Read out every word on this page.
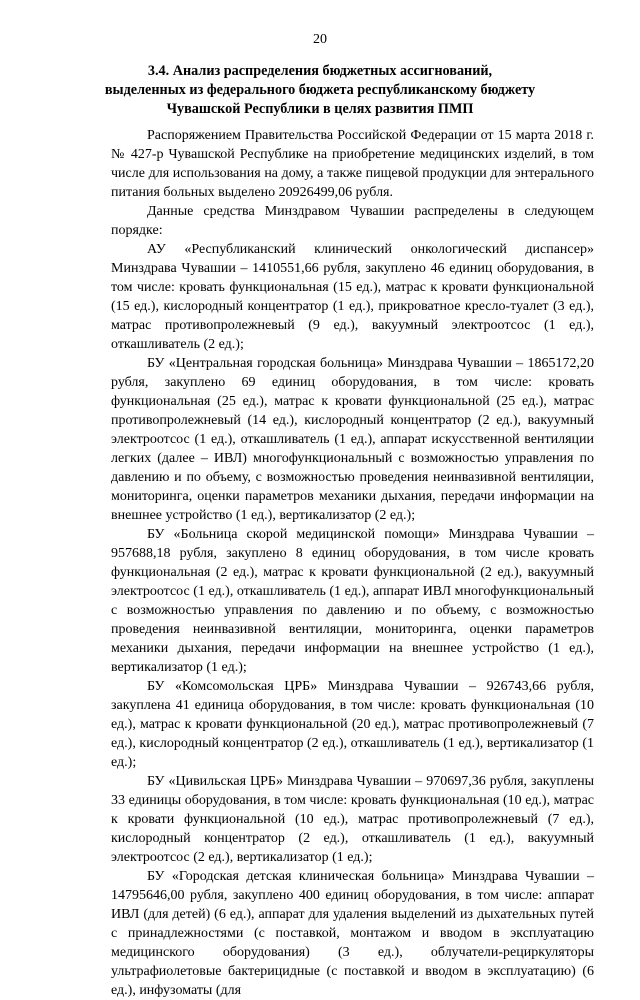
20
3.4. Анализ распределения бюджетных ассигнований,
выделенных из федерального бюджета республиканскому бюджету
Чувашской Республики в целях развития ПМП

Распоряжением Правительства Российской Федерации от 15 марта 2018 г. № 427-р Чувашской Республике на приобретение медицинских изделий, в том числе для использования на дому, а также пищевой продукции для энтерального питания больных выделено 20926499,06 рубля.

Данные средства Минздравом Чувашии распределены в следующем порядке:

АУ «Республиканский клинический онкологический диспансер» Минздрава Чувашии – 1410551,66 рубля, закуплено 46 единиц оборудования, в том числе: кровать функциональная (15 ед.), матрас к кровати функциональной (15 ед.), кислородный концентратор (1 ед.), прикроватное кресло-туалет (3 ед.), матрас противопролежневый (9 ед.), вакуумный электроотсос (1 ед.), откашливатель (2 ед.);

БУ «Центральная городская больница» Минздрава Чувашии – 1865172,20 рубля, закуплено 69 единиц оборудования, в том числе: кровать функциональная (25 ед.), матрас к кровати функциональной (25 ед.), матрас противопролежневый (14 ед.), кислородный концентратор (2 ед.), вакуумный электроотсос (1 ед.), откашливатель (1 ед.), аппарат искусственной вентиляции легких (далее – ИВЛ) многофункциональный с возможностью управления по давлению и по объему, с возможностью проведения неинвазивной вентиляции, мониторинга, оценки параметров механики дыхания, передачи информации на внешнее устройство (1 ед.), вертикализатор (2 ед.);

БУ «Больница скорой медицинской помощи» Минздрава Чувашии – 957688,18 рубля, закуплено 8 единиц оборудования, в том числе кровать функциональная (2 ед.), матрас к кровати функциональной (2 ед.), вакуумный электроотсос (1 ед.), откашливатель (1 ед.), аппарат ИВЛ многофункциональный с возможностью управления по давлению и по объему, с возможностью проведения неинвазивной вентиляции, мониторинга, оценки параметров механики дыхания, передачи информации на внешнее устройство (1 ед.), вертикализатор (1 ед.);

БУ «Комсомольская ЦРБ» Минздрава Чувашии – 926743,66 рубля, закуплена 41 единица оборудования, в том числе: кровать функциональная (10 ед.), матрас к кровати функциональной (20 ед.), матрас противопролежневый (7 ед.), кислородный концентратор (2 ед.), откашливатель (1 ед.), вертикализатор (1 ед.);

БУ «Цивильская ЦРБ» Минздрава Чувашии – 970697,36 рубля, закуплены 33 единицы оборудования, в том числе: кровать функциональная (10 ед.), матрас к кровати функциональной (10 ед.), матрас противопролежневый (7 ед.), кислородный концентратор (2 ед.), откашливатель (1 ед.), вакуумный электроотсос (2 ед.), вертикализатор (1 ед.);

БУ «Городская детская клиническая больница» Минздрава Чувашии – 14795646,00 рубля, закуплено 400 единиц оборудования, в том числе: аппарат ИВЛ (для детей) (6 ед.), аппарат для удаления выделений из дыхательных путей с принадлежностями (с поставкой, монтажом и вводом в эксплуатацию медицинского оборудования) (3 ед.), облучатели-рециркуляторы ультрафиолетовые бактерицидные (с поставкой и вводом в эксплуатацию) (6 ед.), инфузоматы (для
